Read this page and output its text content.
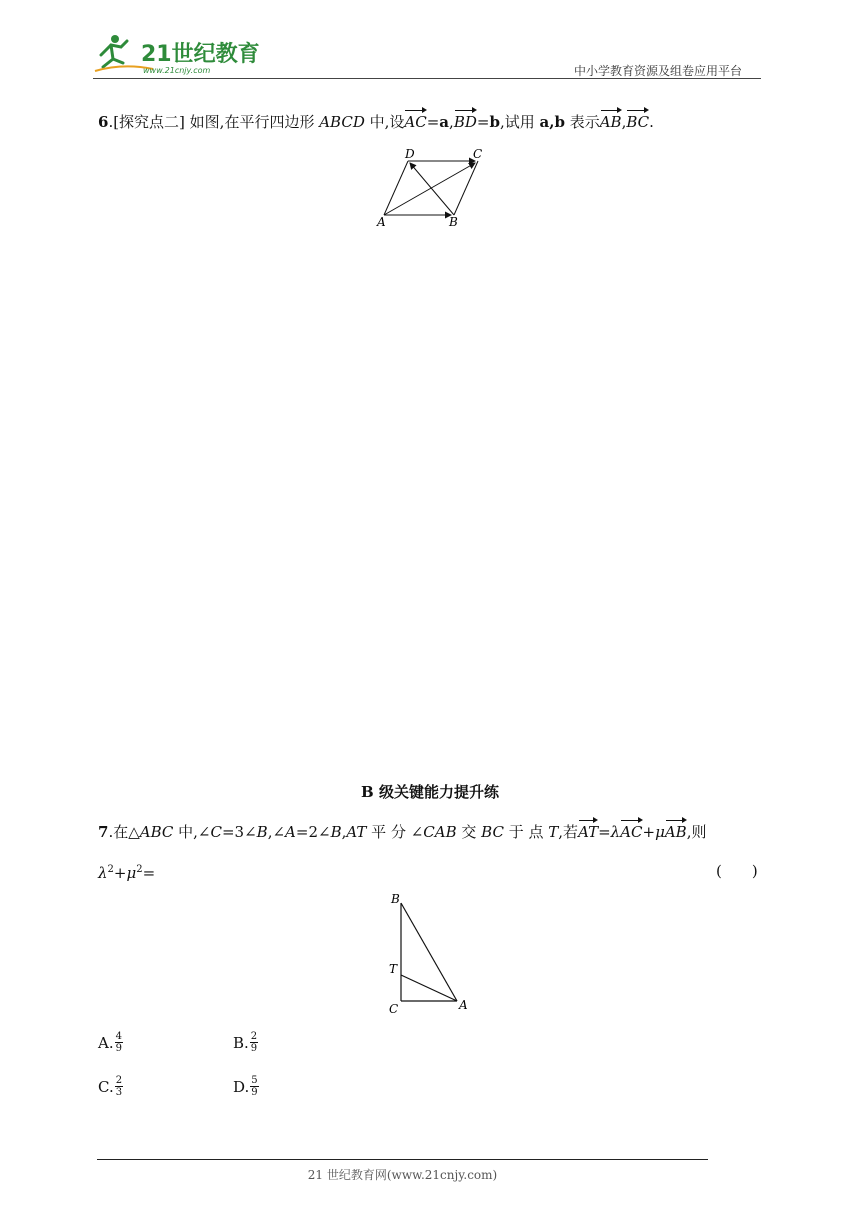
21世纪教育
www.21cnjy.com	中小学教育资源及组卷应用平台
6.[探究点二] 如图,在平行四边形 ABCD 中,设AC=a,BD=b,试用 a,b 表示AB,BC.
A	B
C
D
B 级关键能力提升练
7.在△ABC 中,∠C=3∠B,∠A=2∠B,AT 平 分 ∠CAB 交 BC 于 点 T,若AT=λAC+μAB,则
$\lambda^2+\mu^2=$	(　　)
B
T
C	A
A. $\frac{4}{9}$	B. $\frac{2}{9}$
C. $\frac{2}{3}$	D. $\frac{5}{9}$
21 世纪教育网(www.21cnjy.com)
